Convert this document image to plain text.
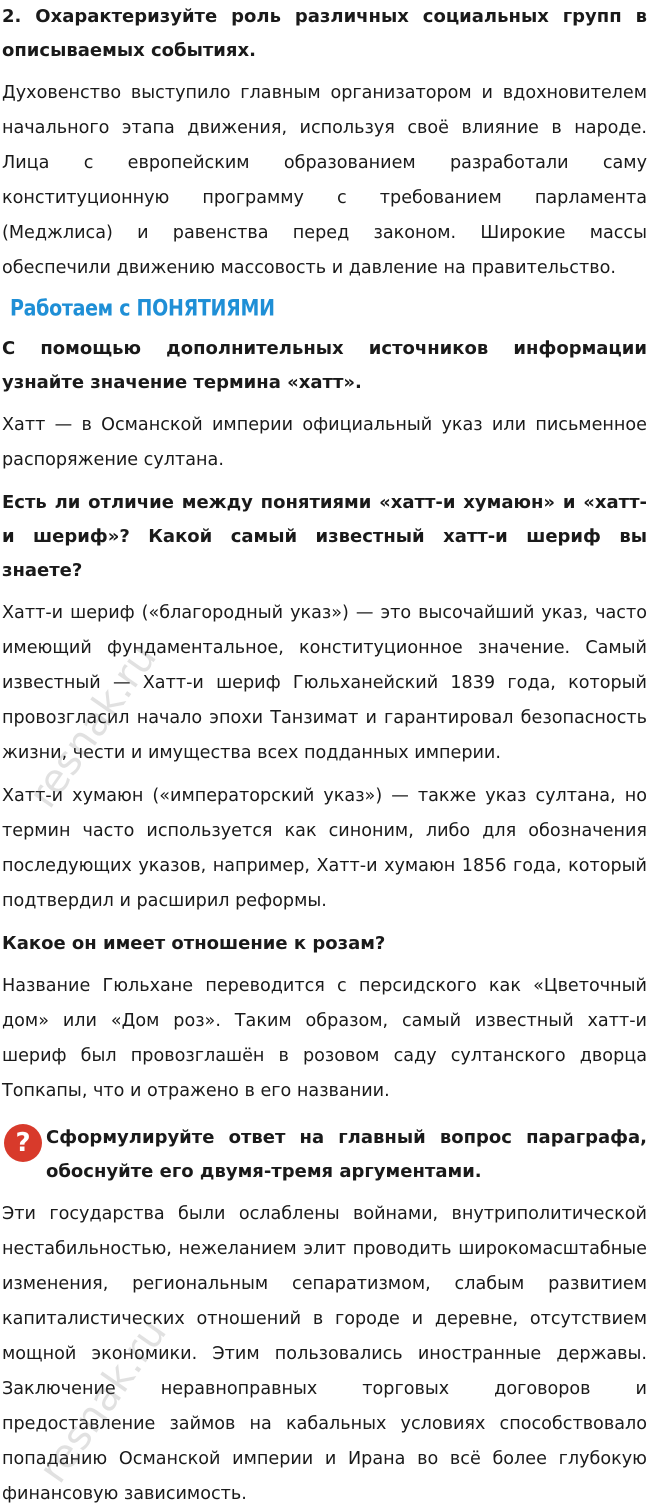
2. Охарактеризуйте роль различных социальных групп в описываемых событиях.

Духовенство выступило главным организатором и вдохновителем начального этапа движения, используя своё влияние в народе. Лица с европейским образованием разработали саму конституционную программу с требованием парламента (Меджлиса) и равенства перед законом. Широкие массы обеспечили движению массовость и давление на правительство.

Работаем с ПОНЯТИЯМИ

С помощью дополнительных источников информации узнайте значение термина «хатт».

Хатт — в Османской империи официальный указ или письменное распоряжение султана.

Есть ли отличие между понятиями «хатт-и хумаюн» и «хатт-и шериф»? Какой самый известный хатт-и шериф вы знаете?

Хатт-и шериф («благородный указ») — это высочайший указ, часто имеющий фундаментальное, конституционное значение. Самый известный — Хатт-и шериф Гюльханейский 1839 года, который провозгласил начало эпохи Танзимат и гарантировал безопасность жизни, чести и имущества всех подданных империи.

Хатт-и хумаюн («императорский указ») — также указ султана, но термин часто используется как синоним, либо для обозначения последующих указов, например, Хатт-и хумаюн 1856 года, который подтвердил и расширил реформы.

Какое он имеет отношение к розам?

Название Гюльхане переводится с персидского как «Цветочный дом» или «Дом роз». Таким образом, самый известный хатт-и шериф был провозглашён в розовом саду султанского дворца Топкапы, что и отражено в его названии.

? Сформулируйте ответ на главный вопрос параграфа, обоснуйте его двумя-тремя аргументами.

Эти государства были ослаблены войнами, внутриполитической нестабильностью, нежеланием элит проводить широкомасштабные изменения, региональным сепаратизмом, слабым развитием капиталистических отношений в городе и деревне, отсутствием мощной экономики. Этим пользовались иностранные державы. Заключение неравноправных торговых договоров и предоставление займов на кабальных условиях способствовало попаданию Османской империи и Ирана во всё более глубокую финансовую зависимость.

resnak.ru
resnak.ru
